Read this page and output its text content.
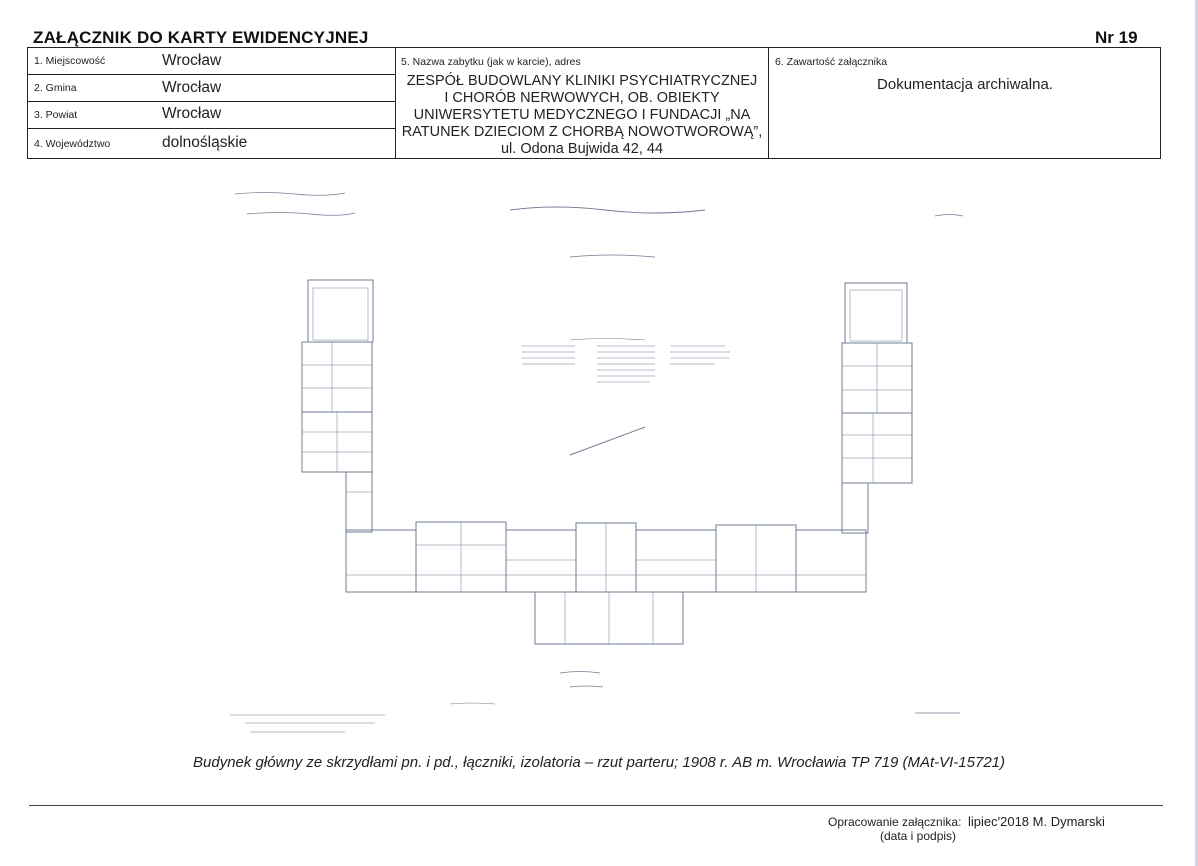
ZAŁĄCZNIK DO KARTY EWIDENCYJNEJ	Nr 19
1. Miejscowość	Wrocław
2. Gmina	Wrocław
3. Powiat	Wrocław
4. Województwo	dolnośląskie
5. Nazwa zabytku (jak w karcie), adres
ZESPÓŁ BUDOWLANY KLINIKI PSYCHIATRYCZNEJ
I CHORÓB NERWOWYCH, OB. OBIEKTY
UNIWERSYTETU MEDYCZNEGO I FUNDACJI „NA
RATUNEK DZIECIOM Z CHORBĄ NOWOTWOROWĄ”,
ul. Odona Bujwida 42, 44
6. Zawartość załącznika
Dokumentacja archiwalna.
Budynek główny ze skrzydłami pn. i pd., łączniki, izolatoria – rzut parteru; 1908 r. AB m. Wrocławia TP 719 (MAt-VI-15721)
Opracowanie załącznika: lipiec'2018 M. Dymarski
(data i podpis)
